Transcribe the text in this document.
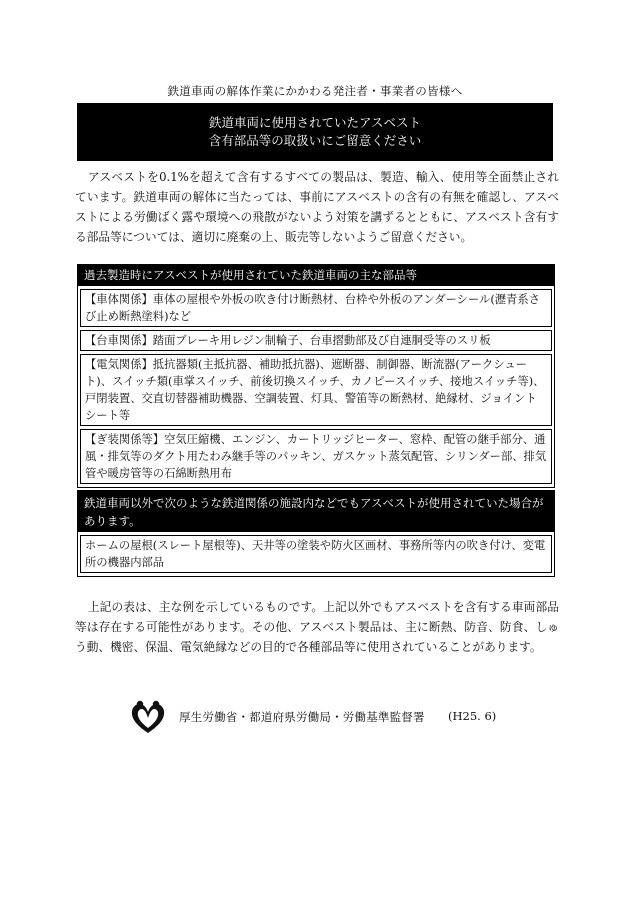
鉄道車両の解体作業にかかわる発注者・事業者の皆様へ
鉄道車両に使用されていたアスベスト
含有部品等の取扱いにご留意ください

アスベストを0.1%を超えて含有するすべての製品は、製造、輸入、使用等全面禁止されています。鉄道車両の解体に当たっては、事前にアスベストの含有の有無を確認し、アスベストによる労働ばく露や環境への飛散がないよう対策を講ずるとともに、アスベスト含有する部品等については、適切に廃棄の上、販売等しないようご留意ください。

過去製造時にアスベストが使用されていた鉄道車両の主な部品等
【車体関係】車体の屋根や外板の吹き付け断熱材、台枠や外板のアンダーシール(瀝青系さび止め断熱塗料)など
【台車関係】踏面ブレーキ用レジン制輪子、台車摺動部及び自連胴受等のスリ板
【電気関係】抵抗器類(主抵抗器、補助抵抗器)、遮断器、制御器、断流器(アークシュート)、スイッチ類(車掌スイッチ、前後切換スイッチ、カノピースイッチ、接地スイッチ等)、戸閉装置、交直切替器補助機器、空調装置、灯具、警笛等の断熱材、絶縁材、ジョイントシート等
【ぎ装関係等】空気圧縮機、エンジン、カートリッジヒーター、窓枠、配管の継手部分、通風・排気等のダクト用たわみ継手等のパッキン、ガスケット蒸気配管、シリンダー部、排気管や暖房管等の石綿断熱用布
鉄道車両以外で次のような鉄道関係の施設内などでもアスベストが使用されていた場合があります。
ホームの屋根(スレート屋根等)、天井等の塗装や防火区画材、事務所等内の吹き付け、変電所の機器内部品

上記の表は、主な例を示しているものです。上記以外でもアスベストを含有する車両部品等は存在する可能性があります。その他、アスベスト製品は、主に断熱、防音、防食、しゅう動、機密、保温、電気絶縁などの目的で各種部品等に使用されていることがあります。

厚生労働省・都道府県労働局・労働基準監督署 (H25. 6)
